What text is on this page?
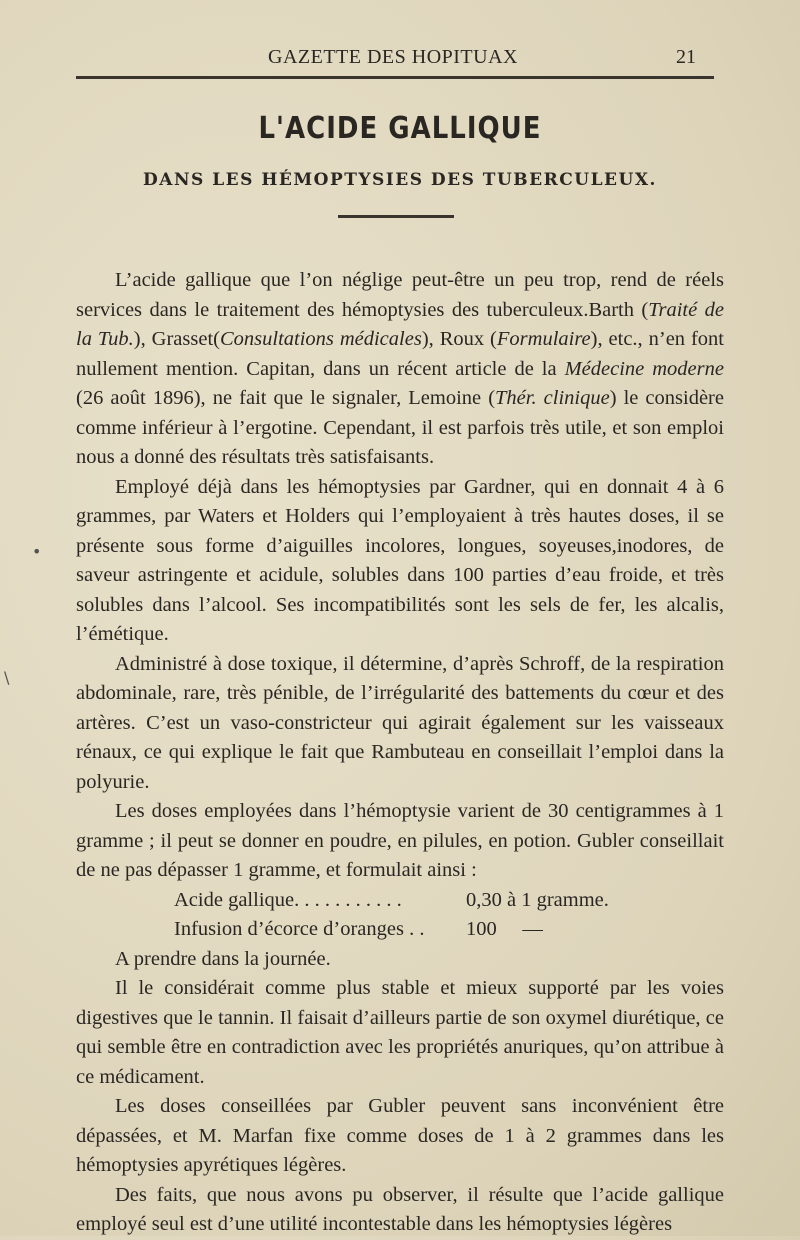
GAZETTE DES HOPITUAX	21
L'ACIDE GALLIQUE
DANS LES HÉMOPTYSIES DES TUBERCULEUX.
•
\

L’acide gallique que l’on néglige peut-être un peu trop, rend de réels services dans le traitement des hémoptysies des tuberculeux.Barth (Traité de la Tub.), Grasset(Consultations médicales), Roux (Formulaire), etc., n’en font nullement mention. Capitan, dans un récent article de la Médecine moderne (26 août 1896), ne fait que le signaler, Lemoine (Thér. clinique) le considère comme inférieur à l’ergotine. Cependant, il est parfois très utile, et son emploi nous a donné des résultats très satisfaisants.

Employé déjà dans les hémoptysies par Gardner, qui en donnait 4 à 6 grammes, par Waters et Holders qui l’employaient à très hautes doses, il se présente sous forme d’aiguilles incolores, longues, soyeuses,inodores, de saveur astringente et acidule, solubles dans 100 parties d’eau froide, et très solubles dans l’alcool. Ses incompatibilités sont les sels de fer, les alcalis, l’émétique.

Administré à dose toxique, il détermine, d’après Schroff, de la respiration abdominale, rare, très pénible, de l’irrégularité des battements du cœur et des artères. C’est un vaso-constricteur qui agirait également sur les vaisseaux rénaux, ce qui explique le fait que Rambuteau en conseillait l’emploi dans la polyurie.

Les doses employées dans l’hémoptysie varient de 30 centigrammes à 1 gramme ; il peut se donner en poudre, en pilules, en potion. Gubler conseillait de ne pas dépasser 1 gramme, et formulait ainsi :

Acide gallique. . . . . . . . . . .	0,30 à 1 gramme.
Infusion d’écorce d’oranges . .	100     —

A prendre dans la journée.

Il le considérait comme plus stable et mieux supporté par les voies digestives que le tannin. Il faisait d’ailleurs partie de son oxymel diurétique, ce qui semble être en contradiction avec les propriétés anuriques, qu’on attribue à ce médicament.

Les doses conseillées par Gubler peuvent sans inconvénient être dépassées, et M. Marfan fixe comme doses de 1 à 2 grammes dans les hémoptysies apyrétiques légères.

Des faits, que nous avons pu observer, il résulte que l’acide gallique employé seul est d’une utilité incontestable dans les hémoptysies légères
